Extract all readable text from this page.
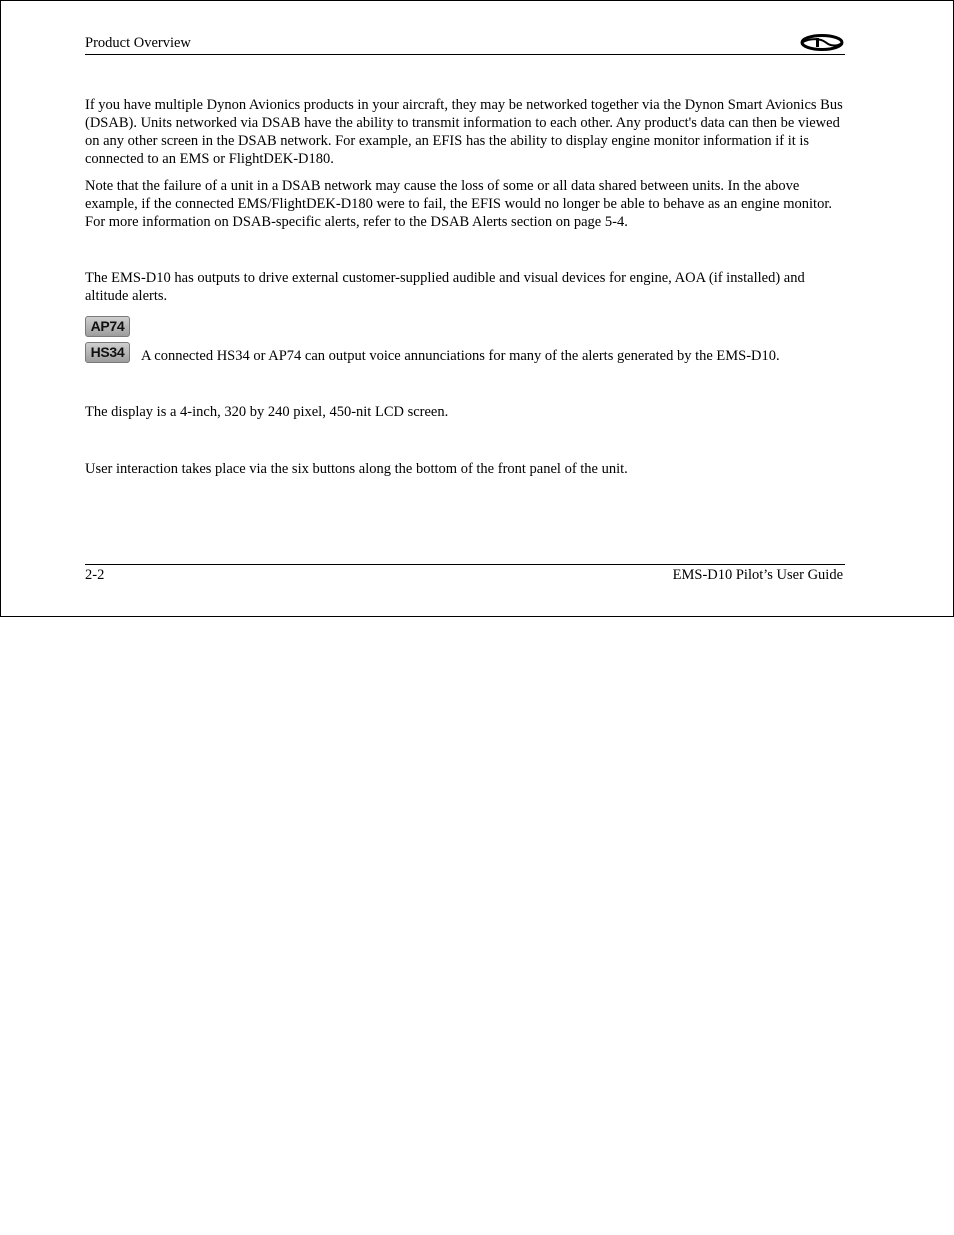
Product Overview

If you have multiple Dynon Avionics products in your aircraft, they may be networked together via the Dynon Smart Avionics Bus (DSAB). Units networked via DSAB have the ability to transmit information to each other. Any product's data can then be viewed on any other screen in the DSAB network. For example, an EFIS has the ability to display engine monitor information if it is connected to an EMS or FlightDEK-D180.

Note that the failure of a unit in a DSAB network may cause the loss of some or all data shared between units. In the above example, if the connected EMS/FlightDEK-D180 were to fail, the EFIS would no longer be able to behave as an engine monitor. For more information on DSAB-specific alerts, refer to the DSAB Alerts section on page 5-4.

The EMS-D10 has outputs to drive external customer-supplied audible and visual devices for engine, AOA (if installed) and altitude alerts.

AP74
HS34	A connected HS34 or AP74 can output voice annunciations for many of the alerts generated by the EMS-D10.

The display is a 4-inch, 320 by 240 pixel, 450-nit LCD screen.

User interaction takes place via the six buttons along the bottom of the front panel of the unit.

2-2	EMS-D10 Pilot’s User Guide
